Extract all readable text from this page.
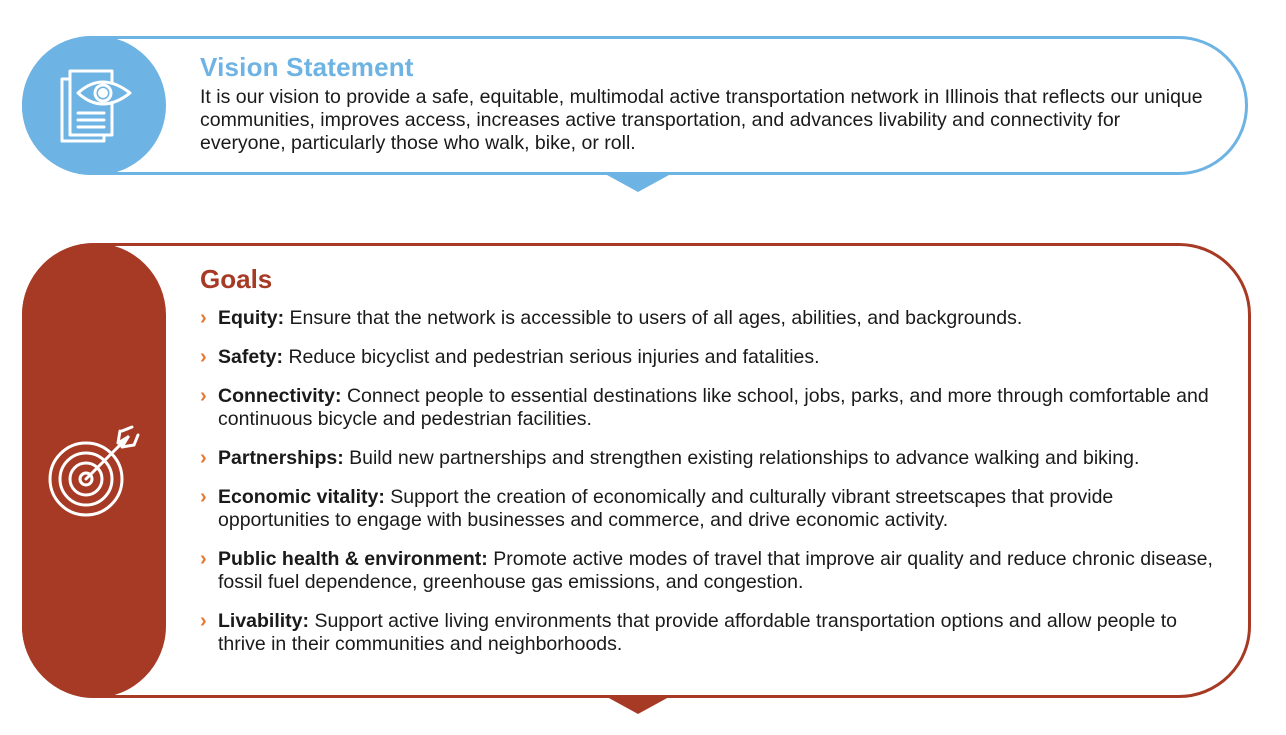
Vision Statement

It is our vision to provide a safe, equitable, multimodal active transportation network in Illinois that reflects our unique communities, improves access, increases active transportation, and advances livability and connectivity for everyone, particularly those who walk, bike, or roll.

Goals
› Equity: Ensure that the network is accessible to users of all ages, abilities, and backgrounds.
› Safety: Reduce bicyclist and pedestrian serious injuries and fatalities.
› Connectivity: Connect people to essential destinations like school, jobs, parks, and more through comfortable and continuous bicycle and pedestrian facilities.
› Partnerships: Build new partnerships and strengthen existing relationships to advance walking and biking.
› Economic vitality: Support the creation of economically and culturally vibrant streetscapes that provide opportunities to engage with businesses and commerce, and drive economic activity.
› Public health & environment: Promote active modes of travel that improve air quality and reduce chronic disease, fossil fuel dependence, greenhouse gas emissions, and congestion.
› Livability: Support active living environments that provide affordable transportation options and allow people to thrive in their communities and neighborhoods.
